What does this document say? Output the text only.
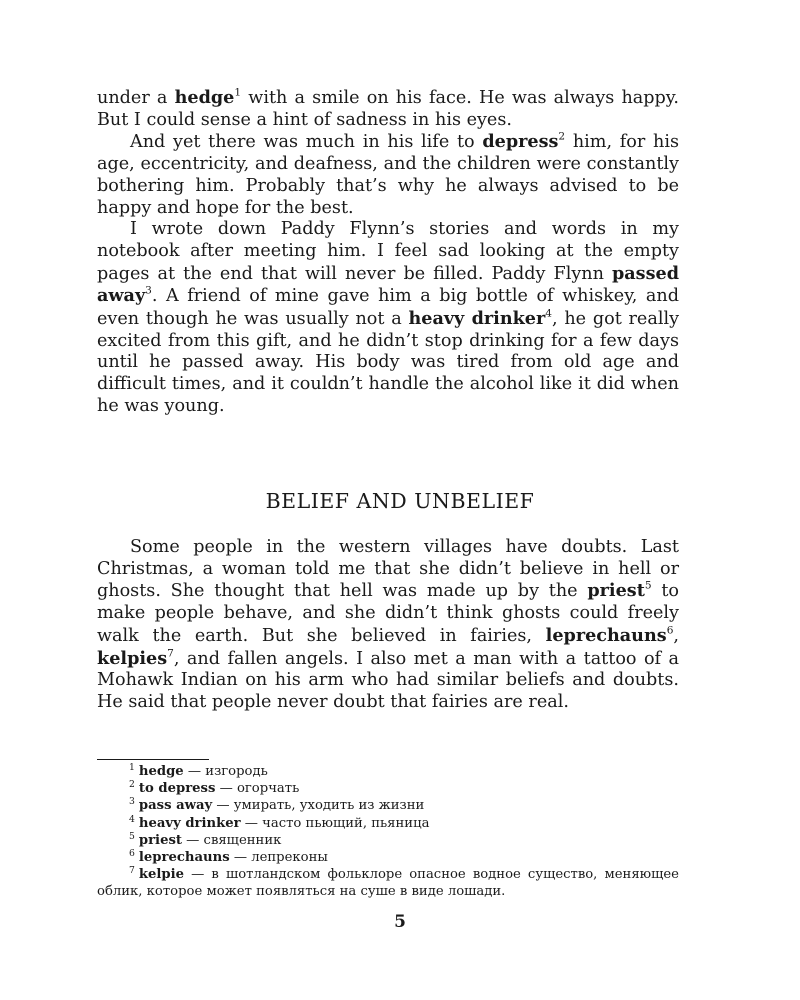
under a hedge$^1$ with a smile on his face. He was always happy. But I could sense a hint of sadness in his eyes.

And yet there was much in his life to depress$^2$ him, for his age, eccentricity, and deafness, and the children were constantly bothering him. Probably that’s why he always advised to be happy and hope for the best.

I wrote down Paddy Flynn’s stories and words in my notebook after meeting him. I feel sad looking at the empty pages at the end that will never be filled. Paddy Flynn passed away$^3$. A friend of mine gave him a big bottle of whiskey, and even though he was usually not a heavy drinker$^4$, he got really excited from this gift, and he didn’t stop drinking for a few days until he passed away. His body was tired from old age and difficult times, and it couldn’t handle the alcohol like it did when he was young.

BELIEF AND UNBELIEF

Some people in the western villages have doubts. Last Christmas, a woman told me that she didn’t believe in hell or ghosts. She thought that hell was made up by the priest$^5$ to make people behave, and she didn’t think ghosts could freely walk the earth. But she believed in fairies, leprechauns$^6$, kelpies$^7$, and fallen angels. I also met a man with a tattoo of a Mohawk Indian on his arm who had similar beliefs and doubts. He said that people never doubt that fairies are real.

$^1$ hedge — изгородь
$^2$ to depress — огорчать
$^3$ pass away — умирать, уходить из жизни
$^4$ heavy drinker — часто пьющий, пьяница
$^5$ priest — священник
$^6$ leprechauns — лепреконы
$^7$ kelpie — в шотландском фольклоре опасное водное существо, меняющее облик, которое может появляться на суше в виде лошади.
5
